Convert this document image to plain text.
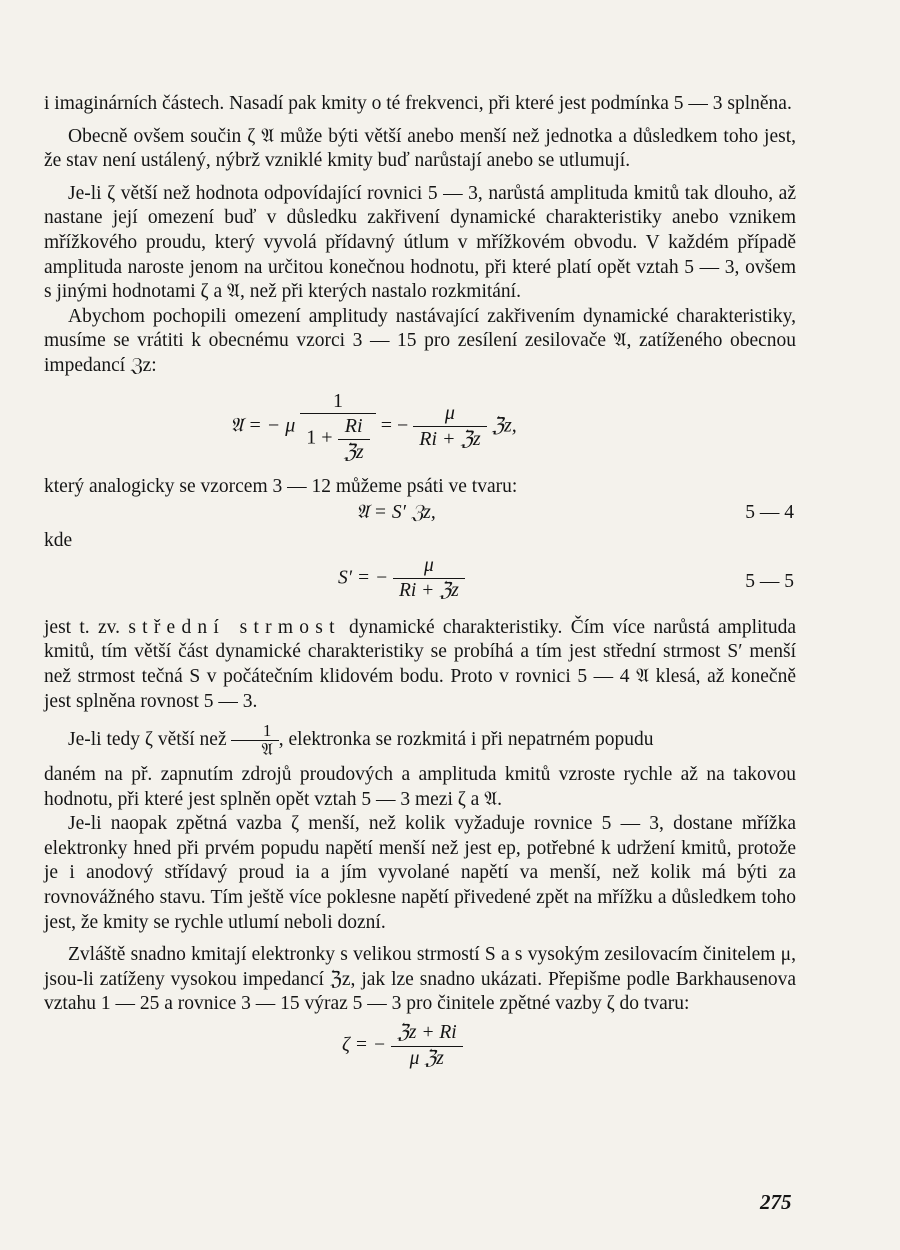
i imaginárních částech. Nasadí pak kmity o té frekvenci, při které jest podmínka 5 — 3 splněna.

Obecně ovšem součin ζ 𝔄 může býti větší anebo menší než jednotka a důsledkem toho jest, že stav není ustálený, nýbrž vzniklé kmity buď narůstají anebo se utlumují.

Je-li ζ větší než hodnota odpovídající rovnici 5 — 3, narůstá amplituda kmitů tak dlouho, až nastane její omezení buď v důsledku zakřivení dynamické charakteristiky anebo vznikem mřížkového proudu, který vyvolá přídavný útlum v mřížkovém obvodu. V každém případě amplituda naroste jenom na určitou konečnou hodnotu, při které platí opět vztah 5 — 3, ovšem s jinými hodnotami ζ a 𝔄, než při kterých nastalo rozkmitání.

Abychom pochopili omezení amplitudy nastávající zakřivením dynamické charakteristiky, musíme se vrátiti k obecnému vzorci 3 — 15 pro zesílení zesilovače 𝔄, zatíženého obecnou impedancí ℨz:

𝔄 = − μ $\frac{1}{1 + \frac{Ri}{\text{ℨz}}}$ = − $\frac{\mu}{\text{Ri + ℨz}}$ ℨz,

který analogicky se vzorcem 3 — 12 můžeme psáti ve tvaru:

𝔄 = S′ ℨz,	5 — 4

kde

S′ = − $\frac{\mu}{\text{Ri + ℨz}}$	5 — 5

jest t. zv. střední strmost dynamické charakteristiky. Čím více narůstá amplituda kmitů, tím větší část dynamické charakteristiky se probíhá a tím jest střední strmost S′ menší než strmost tečná S v počátečním klidovém bodu. Proto v rovnici 5 — 4 𝔄 klesá, až konečně jest splněna rovnost 5 — 3.

Je-li tedy ζ větší než $\frac{1}{\text{𝔄}}$ , elektronka se rozkmitá i při nepatrném popudu

daném na př. zapnutím zdrojů proudových a amplituda kmitů vzroste rychle až na takovou hodnotu, při které jest splněn opět vztah 5 — 3 mezi ζ a 𝔄.

Je-li naopak zpětná vazba ζ menší, než kolik vyžaduje rovnice 5 — 3, dostane mřížka elektronky hned při prvém popudu napětí menší než jest ep, potřebné k udržení kmitů, protože je i anodový střídavý proud ia a jím vyvolané napětí va menší, než kolik má býti za rovnovážného stavu. Tím ještě více poklesne napětí přivedené zpět na mřížku a důsledkem toho jest, že kmity se rychle utlumí neboli dozní.

Zvláště snadno kmitají elektronky s velikou strmostí S a s vysokým zesilovacím činitelem μ, jsou-li zatíženy vysokou impedancí ℨz, jak lze snadno ukázati. Přepišme podle Barkhausenova vztahu 1 — 25 a rovnice 3 — 15 výraz 5 — 3 pro činitele zpětné vazby ζ do tvaru:

ζ = − $\frac{\text{ℨz + Ri}}{\text{μ ℨz}}$
275
